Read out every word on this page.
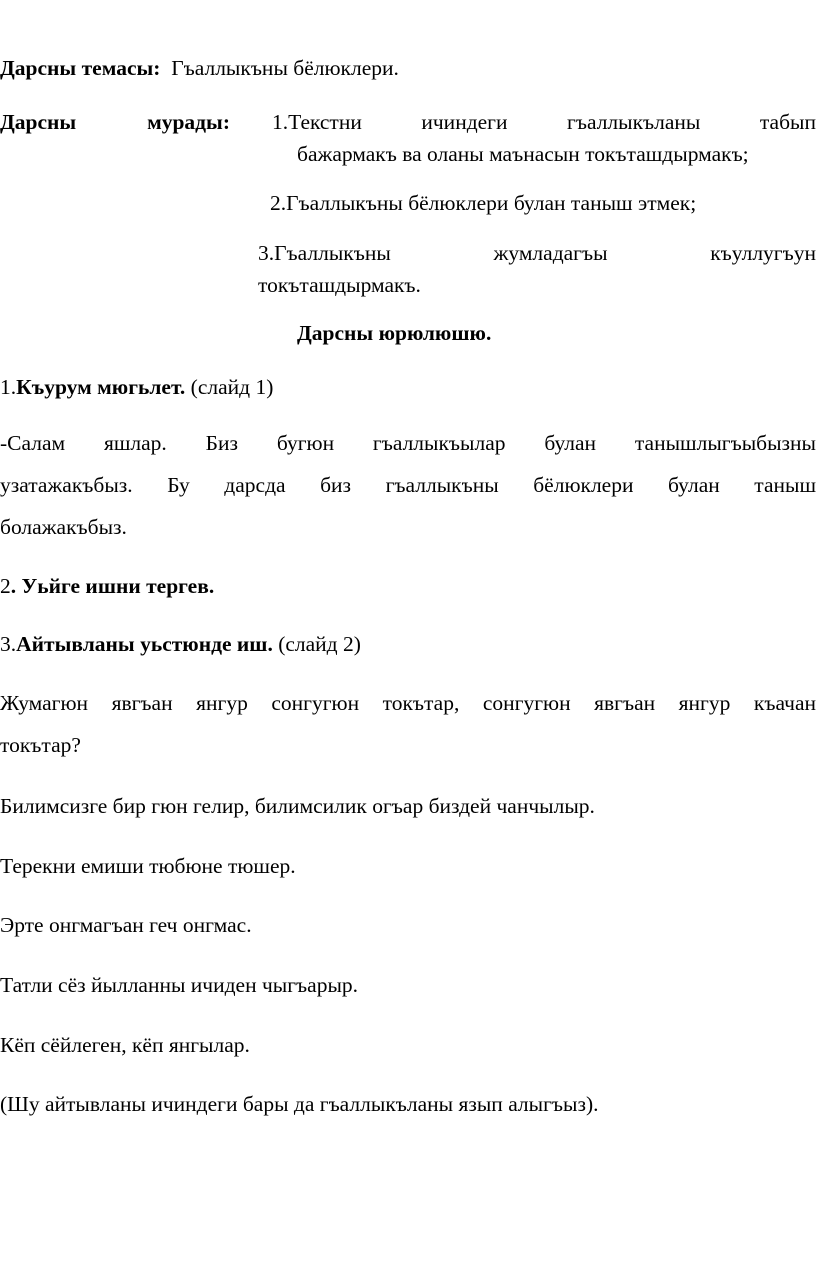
Дарсны темасы: Гъаллыкъны бёлюклери.
Дарсны мурады: 1.Текстни ичиндеги гъаллыкъланы табып
бажармакъ ва оланы маънасын токъташдырмакъ;
2.Гъаллыкъны бёлюклери булан таныш этмек;
3.Гъаллыкъны жумладагъы къуллугъун
токъташдырмакъ.
Дарсны юрюлюшю.
1.Къурум мюгьлет. (слайд 1)
-Салам яшлар. Биз бугюн гъаллыкъылар булан танышлыгъыбызны
узатажакъбыз. Бу дарсда биз гъаллыкъны бёлюклери булан таныш
болажакъбыз.
2. Уьйге ишни тергев.
3.Айтывланы уьстюнде иш. (слайд 2)
Жумагюн явгъан янгур сонгугюн токътар, сонгугюн явгъан янгур къачан
токътар?
Билимсизге бир гюн гелир, билимсилик огъар биздей чанчылыр.
Терекни емиши тюбюне тюшер.
Эрте онгмагъан геч онгмас.
Татли сёз йылланны ичиден чыгъарыр.
Кёп сёйлеген, кёп янгылар.
(Шу айтывланы ичиндеги бары да гъаллыкъланы язып алыгъыз).
